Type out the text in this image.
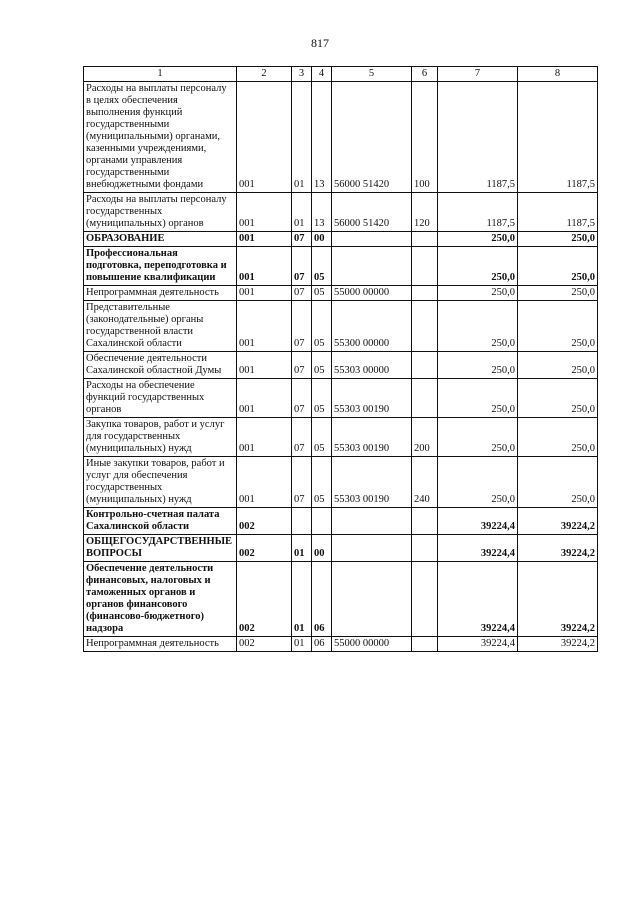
817
1	2	3	4	5	6	7	8
Расходы на выплаты персоналу в целях обеспечения выполнения функций государственными (муниципальными) органами, казенными учреждениями, органами управления государственными внебюджетными фондами	001	01	13	56000 51420	100	1187,5	1187,5
Расходы на выплаты персоналу государственных (муниципальных) органов	001	01	13	56000 51420	120	1187,5	1187,5
ОБРАЗОВАНИЕ	001	07	00			250,0	250,0
Профессиональная подготовка, переподготовка и повышение квалификации	001	07	05			250,0	250,0
Непрограммная деятельность	001	07	05	55000 00000		250,0	250,0
Представительные (законодательные) органы государственной власти Сахалинской области	001	07	05	55300 00000		250,0	250,0
Обеспечение деятельности Сахалинской областной Думы	001	07	05	55303 00000		250,0	250,0
Расходы на обеспечение функций государственных органов	001	07	05	55303 00190		250,0	250,0
Закупка товаров, работ и услуг для государственных (муниципальных) нужд	001	07	05	55303 00190	200	250,0	250,0
Иные закупки товаров, работ и услуг для обеспечения государственных (муниципальных) нужд	001	07	05	55303 00190	240	250,0	250,0
Контрольно-счетная палата Сахалинской области	002					39224,4	39224,2
ОБЩЕГОСУДАРСТВЕННЫЕ ВОПРОСЫ	002	01	00			39224,4	39224,2
Обеспечение деятельности финансовых, налоговых и таможенных органов и органов финансового (финансово-бюджетного) надзора	002	01	06			39224,4	39224,2
Непрограммная деятельность	002	01	06	55000 00000		39224,4	39224,2
